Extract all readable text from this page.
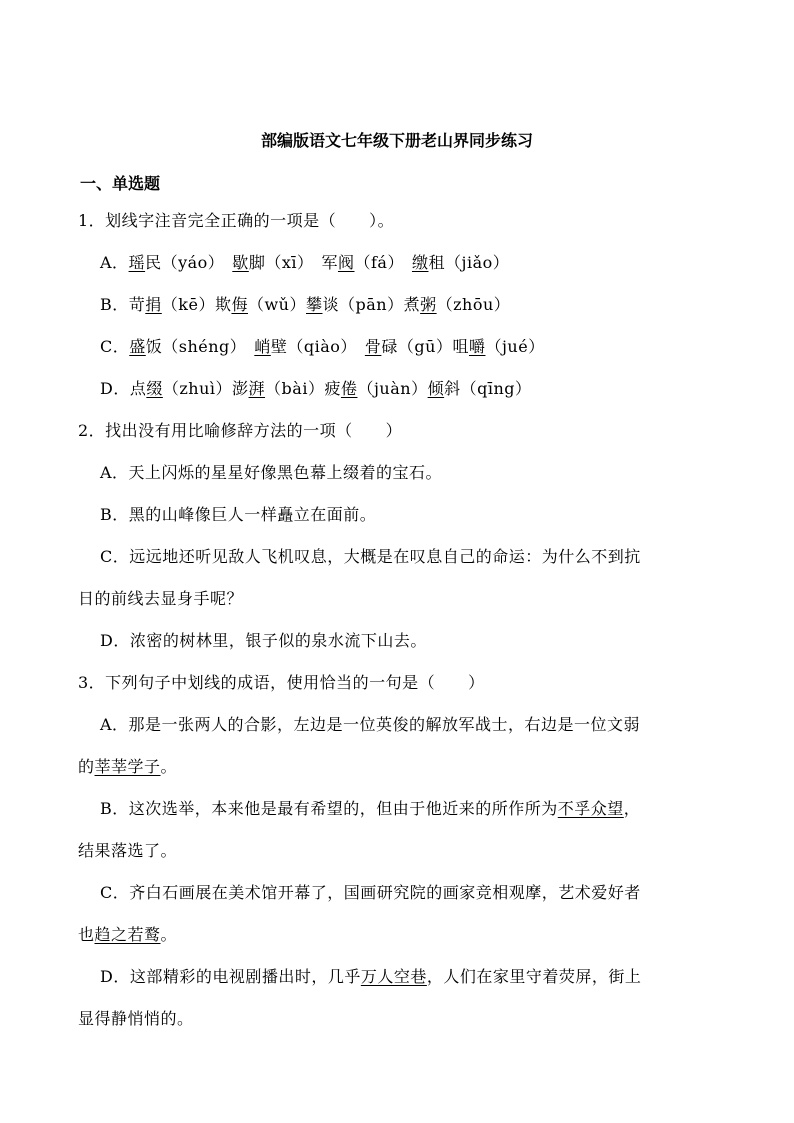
部编版语文七年级下册老山界同步练习
一、单选题
1．划线字注音完全正确的一项是（　　）。
A．瑶民（yáo） 歇脚（xī） 军阀（fá） 缴租（jiǎo）
B．苛捐（kē）欺侮（wǔ）攀谈（pān）煮粥（zhōu）
C．盛饭（shéng） 峭壁（qiào） 骨碌（gū）咀嚼（jué）
D．点缀（zhuì）澎湃（bài）疲倦（juàn）倾斜（qīng）
2．找出没有用比喻修辞方法的一项（　　）
A．天上闪烁的星星好像黑色幕上缀着的宝石。
B．黑的山峰像巨人一样矗立在面前。
C．远远地还听见敌人飞机叹息，大概是在叹息自己的命运：为什么不到抗
日的前线去显身手呢？
D．浓密的树林里，银子似的泉水流下山去。
3．下列句子中划线的成语，使用恰当的一句是（　　）
A．那是一张两人的合影，左边是一位英俊的解放军战士，右边是一位文弱
的莘莘学子。
B．这次选举，本来他是最有希望的，但由于他近来的所作所为不孚众望，
结果落选了。
C．齐白石画展在美术馆开幕了，国画研究院的画家竞相观摩，艺术爱好者
也趋之若鹜。
D．这部精彩的电视剧播出时，几乎万人空巷，人们在家里守着荧屏，街上
显得静悄悄的。
